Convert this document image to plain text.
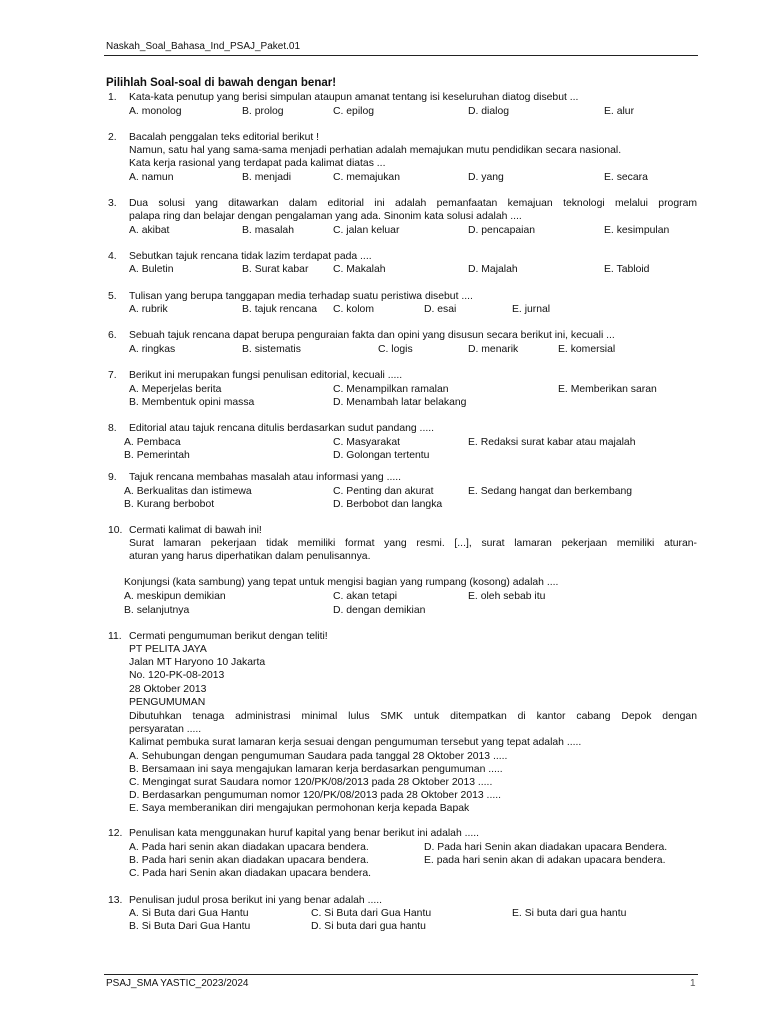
Naskah_Soal_Bahasa_Ind_PSAJ_Paket.01
Pilihlah Soal-soal di bawah dengan benar!
1. Kata-kata penutup yang berisi simpulan ataupun amanat tentang isi keseluruhan diatog disebut ...
A. monolog	B. prolog	C. epilog	D. dialog	E. alur
2. Bacalah penggalan teks editorial berikut !
Namun, satu hal yang sama-sama menjadi perhatian adalah memajukan mutu pendidikan secara nasional.
Kata kerja rasional yang terdapat pada kalimat diatas ...
A. namun	B. menjadi	C. memajukan	D. yang	E. secara
3. Dua solusi yang ditawarkan dalam editorial ini adalah pemanfaatan kemajuan teknologi melalui program
palapa ring dan belajar dengan pengalaman yang ada. Sinonim kata solusi adalah ....
A. akibat	B. masalah	C. jalan keluar	D. pencapaian	E. kesimpulan
4. Sebutkan tajuk rencana tidak lazim terdapat pada ....
A. Buletin	B. Surat kabar C. Makalah	D. Majalah	E. Tabloid
5. Tulisan yang berupa tanggapan media terhadap suatu peristiwa disebut ....
A. rubrik	B. tajuk rencana C. kolom	D. esai	E. jurnal
6. Sebuah tajuk rencana dapat berupa penguraian fakta dan opini yang disusun secara berikut ini, kecuali ...
A. ringkas	B. sistematis	C. logis	D. menarik	E. komersial
7. Berikut ini merupakan fungsi penulisan editorial, kecuali .....
A. Meperjelas berita	C. Menampilkan ramalan	E. Memberikan saran
B. Membentuk opini massa	D. Menambah latar belakang
8. Editorial atau tajuk rencana ditulis berdasarkan sudut pandang .....
A. Pembaca	C. Masyarakat	E. Redaksi surat kabar atau majalah
B. Pemerintah	D. Golongan tertentu
9. Tajuk rencana membahas masalah atau informasi yang .....
A. Berkualitas dan istimewa	C. Penting dan akurat	E. Sedang hangat dan berkembang
B. Kurang berbobot	D. Berbobot dan langka
10. Cermati kalimat di bawah ini!
Surat lamaran pekerjaan tidak memiliki format yang resmi. [...], surat lamaran pekerjaan memiliki aturan-
aturan yang harus diperhatikan dalam penulisannya.
Konjungsi (kata sambung) yang tepat untuk mengisi bagian yang rumpang (kosong) adalah ....
A. meskipun demikian	C. akan tetapi	E. oleh sebab itu
B. selanjutnya	D. dengan demikian
11. Cermati pengumuman berikut dengan teliti!
PT PELITA JAYA
Jalan MT Haryono 10 Jakarta
No. 120-PK-08-2013
28 Oktober 2013
PENGUMUMAN
Dibutuhkan tenaga administrasi minimal lulus SMK untuk ditempatkan di kantor cabang Depok dengan
persyaratan .....
Kalimat pembuka surat lamaran kerja sesuai dengan pengumuman tersebut yang tepat adalah .....
A. Sehubungan dengan pengumuman Saudara pada tanggal 28 Oktober 2013 .....
B. Bersamaan ini saya mengajukan lamaran kerja berdasarkan pengumuman .....
C. Mengingat surat Saudara nomor 120/PK/08/2013 pada 28 Oktober 2013 .....
D. Berdasarkan pengumuman nomor 120/PK/08/2013 pada 28 Oktober 2013 .....
E. Saya memberanikan diri mengajukan permohonan kerja kepada Bapak
12. Penulisan kata menggunakan huruf kapital yang benar berikut ini adalah .....
A. Pada hari senin akan diadakan upacara bendera.	D. Pada hari Senin akan diadakan upacara Bendera.
B. Pada hari senin akan diadakan upacara bendera.	E. pada hari senin akan di adakan upacara bendera.
C. Pada hari Senin akan diadakan upacara bendera.
13. Penulisan judul prosa berikut ini yang benar adalah .....
A. Si Buta dari Gua Hantu	C. Si Buta dari Gua Hantu	E. Si buta dari gua hantu
B. Si Buta Dari Gua Hantu	D. Si buta dari gua hantu
PSAJ_SMA YASTIC_2023/2024	1
